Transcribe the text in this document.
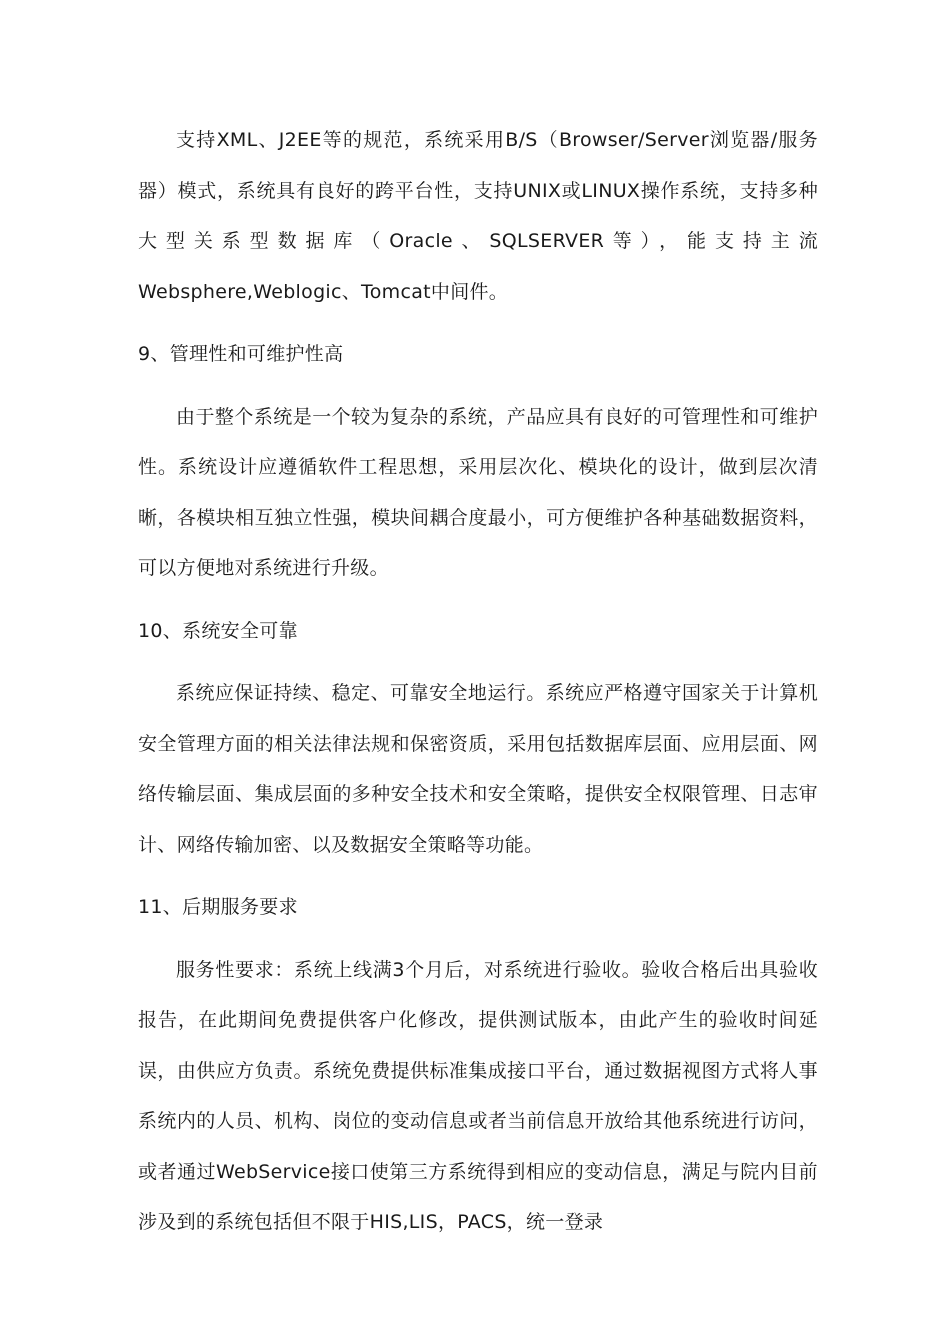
支持XML、J2EE等的规范，系统采用B/S（Browser/Server浏览器/服务器）模式，系统具有良好的跨平台性，支持UNIX或LINUX操作系统，支持多种大型关系型数据库（Oracle、SQLSERVER等），能支持主流Websphere,Weblogic、Tomcat中间件。

9、管理性和可维护性高

由于整个系统是一个较为复杂的系统，产品应具有良好的可管理性和可维护性。系统设计应遵循软件工程思想，采用层次化、模块化的设计，做到层次清晰，各模块相互独立性强，模块间耦合度最小，可方便维护各种基础数据资料，可以方便地对系统进行升级。

10、系统安全可靠

系统应保证持续、稳定、可靠安全地运行。系统应严格遵守国家关于计算机安全管理方面的相关法律法规和保密资质，采用包括数据库层面、应用层面、网络传输层面、集成层面的多种安全技术和安全策略，提供安全权限管理、日志审计、网络传输加密、以及数据安全策略等功能。

11、后期服务要求

服务性要求：系统上线满3个月后，对系统进行验收。验收合格后出具验收报告，在此期间免费提供客户化修改，提供测试版本，由此产生的验收时间延误，由供应方负责。系统免费提供标准集成接口平台，通过数据视图方式将人事系统内的人员、机构、岗位的变动信息或者当前信息开放给其他系统进行访问，或者通过WebService接口使第三方系统得到相应的变动信息，满足与院内目前涉及到的系统包括但不限于HIS,LIS，PACS，统一登录
